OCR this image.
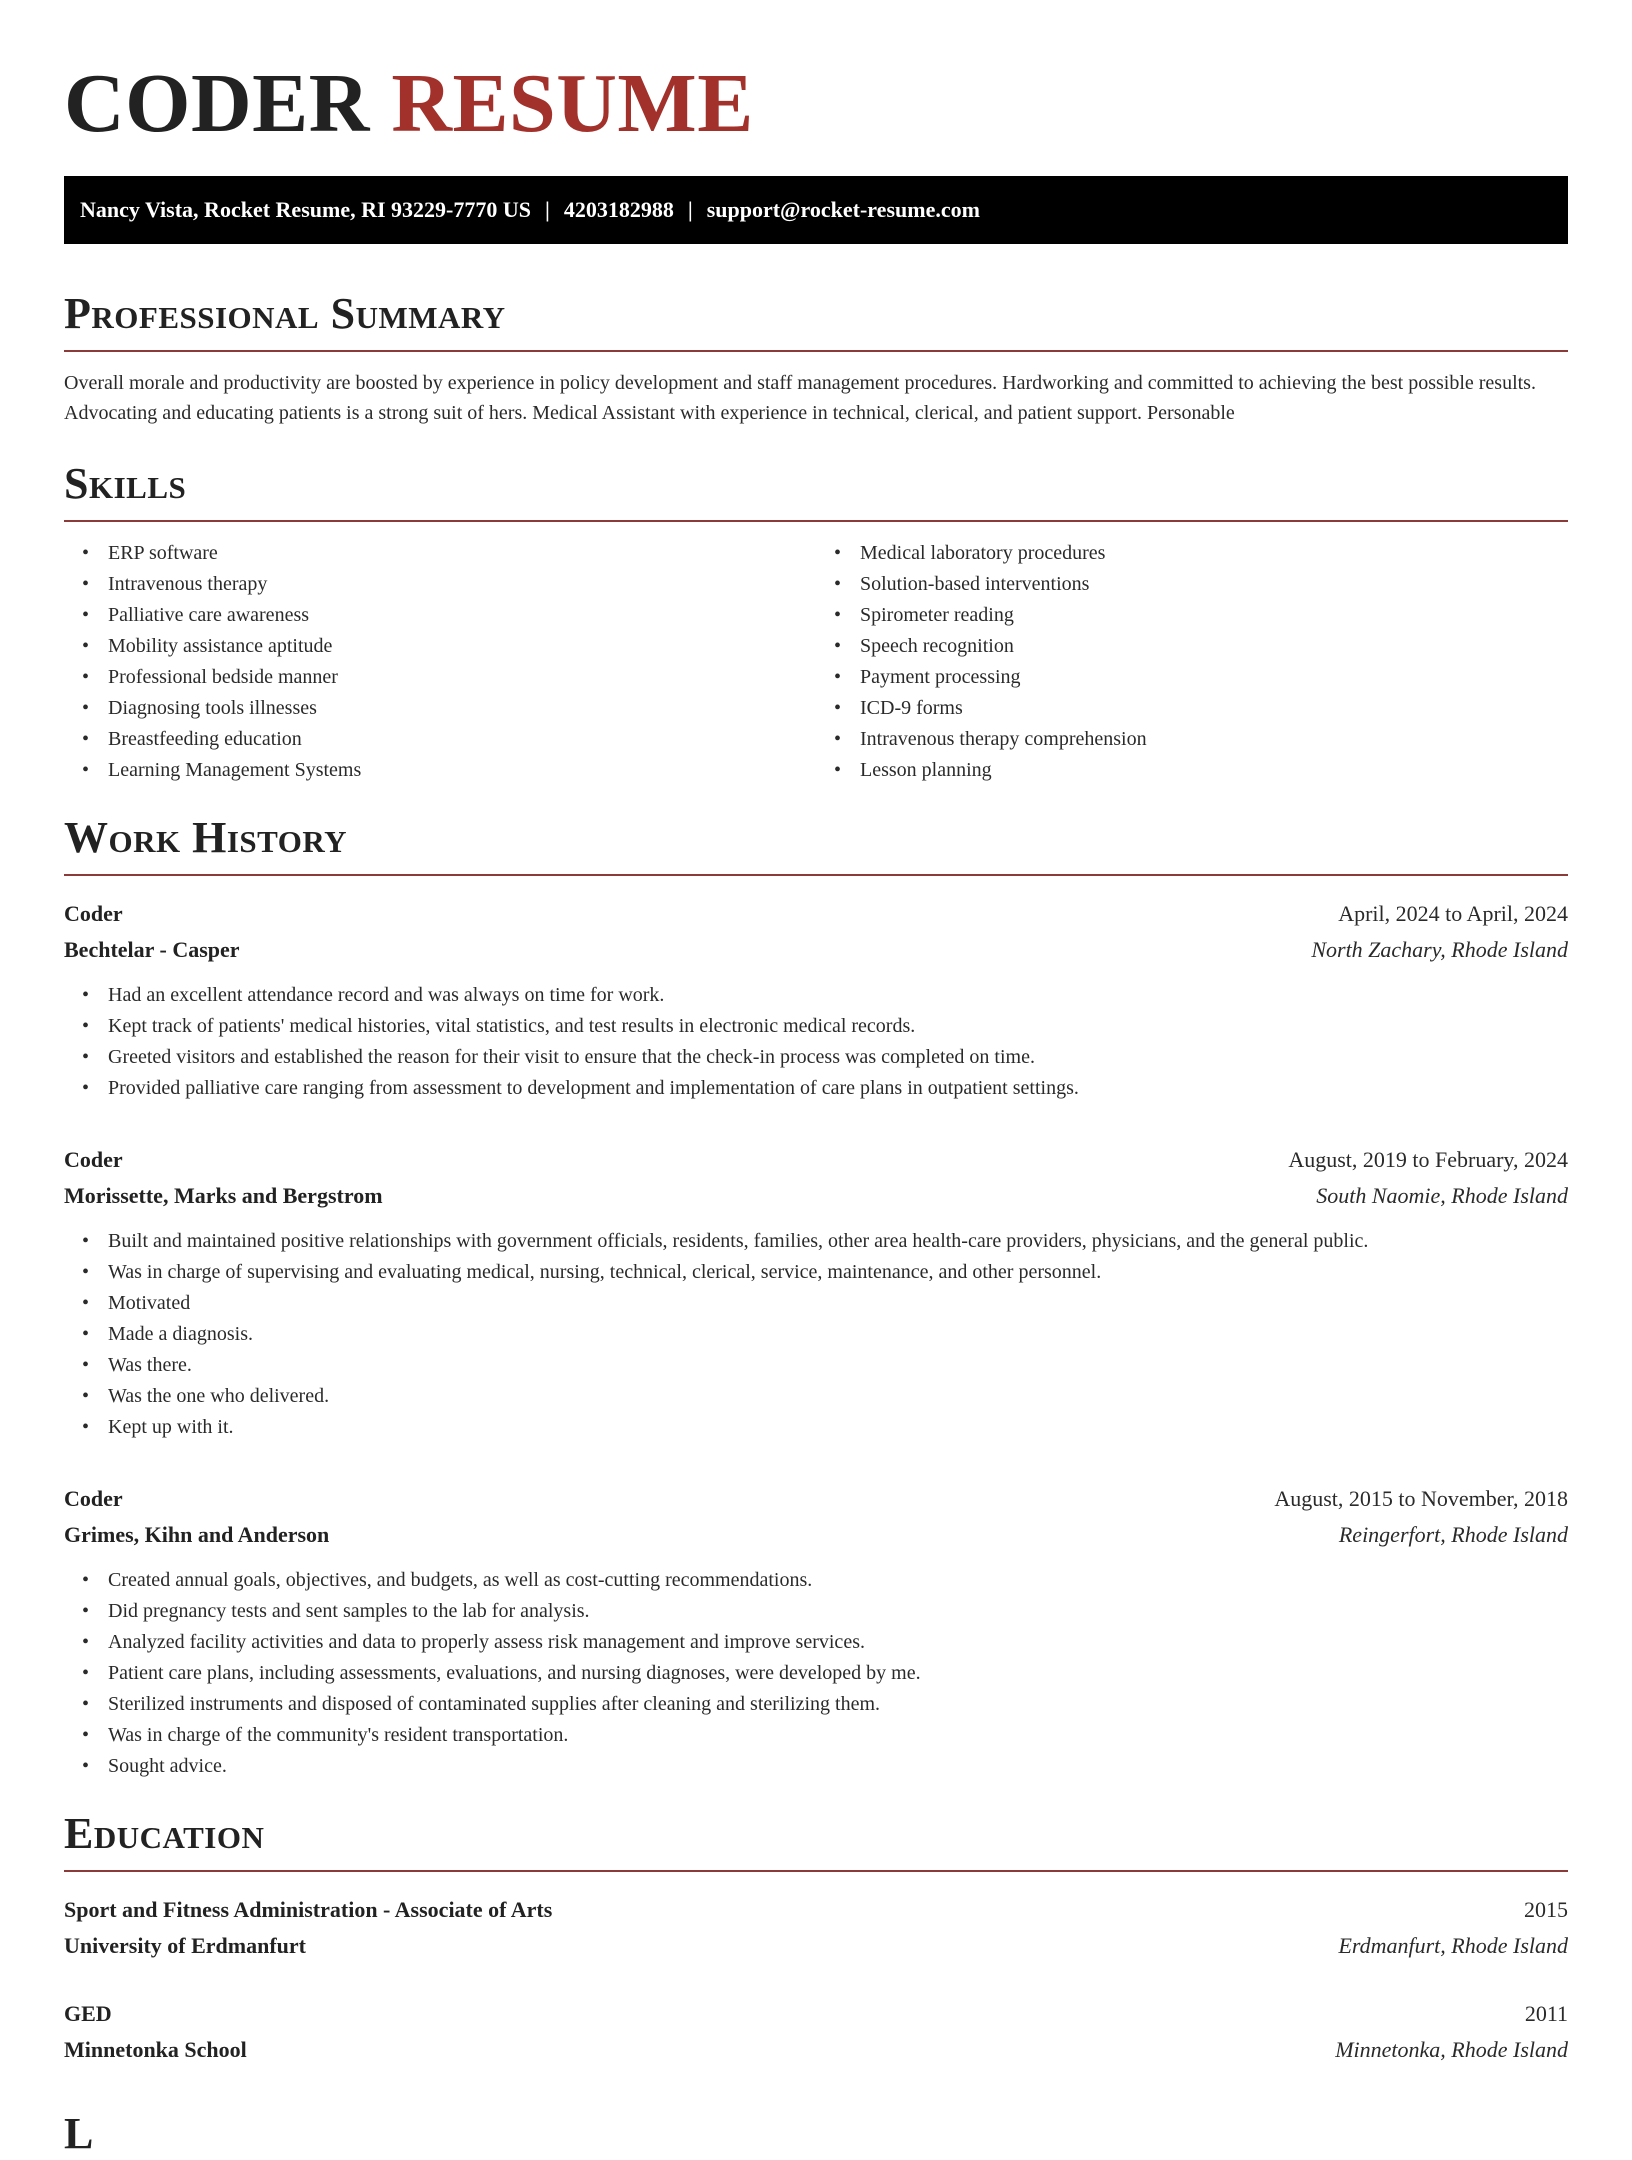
CODER RESUME
Nancy Vista, Rocket Resume, RI 93229-7770 US | 4203182988 | support@rocket-resume.com
Professional Summary

Overall morale and productivity are boosted by experience in policy development and staff management procedures. Hardworking and committed to achieving the best possible results. Advocating and educating patients is a strong suit of hers. Medical Assistant with experience in technical, clerical, and patient support. Personable

Skills
• ERP software
• Intravenous therapy
• Palliative care awareness
• Mobility assistance aptitude
• Professional bedside manner
• Diagnosing tools illnesses
• Breastfeeding education
• Learning Management Systems
• Medical laboratory procedures
• Solution-based interventions
• Spirometer reading
• Speech recognition
• Payment processing
• ICD-9 forms
• Intravenous therapy comprehension
• Lesson planning
Work History
Coder	April, 2024 to April, 2024
Bechtelar - Casper	North Zachary, Rhode Island
• Had an excellent attendance record and was always on time for work.
• Kept track of patients' medical histories, vital statistics, and test results in electronic medical records.
• Greeted visitors and established the reason for their visit to ensure that the check-in process was completed on time.
• Provided palliative care ranging from assessment to development and implementation of care plans in outpatient settings.
Coder	August, 2019 to February, 2024
Morissette, Marks and Bergstrom	South Naomie, Rhode Island
• Built and maintained positive relationships with government officials, residents, families, other area health-care providers, physicians, and the general public.
• Was in charge of supervising and evaluating medical, nursing, technical, clerical, service, maintenance, and other personnel.
• Motivated
• Made a diagnosis.
• Was there.
• Was the one who delivered.
• Kept up with it.
Coder	August, 2015 to November, 2018
Grimes, Kihn and Anderson	Reingerfort, Rhode Island
• Created annual goals, objectives, and budgets, as well as cost-cutting recommendations.
• Did pregnancy tests and sent samples to the lab for analysis.
• Analyzed facility activities and data to properly assess risk management and improve services.
• Patient care plans, including assessments, evaluations, and nursing diagnoses, were developed by me.
• Sterilized instruments and disposed of contaminated supplies after cleaning and sterilizing them.
• Was in charge of the community's resident transportation.
• Sought advice.
Education
Sport and Fitness Administration - Associate of Arts	2015
University of Erdmanfurt	Erdmanfurt, Rhode Island
GED	2011
Minnetonka School	Minnetonka, Rhode Island
L
